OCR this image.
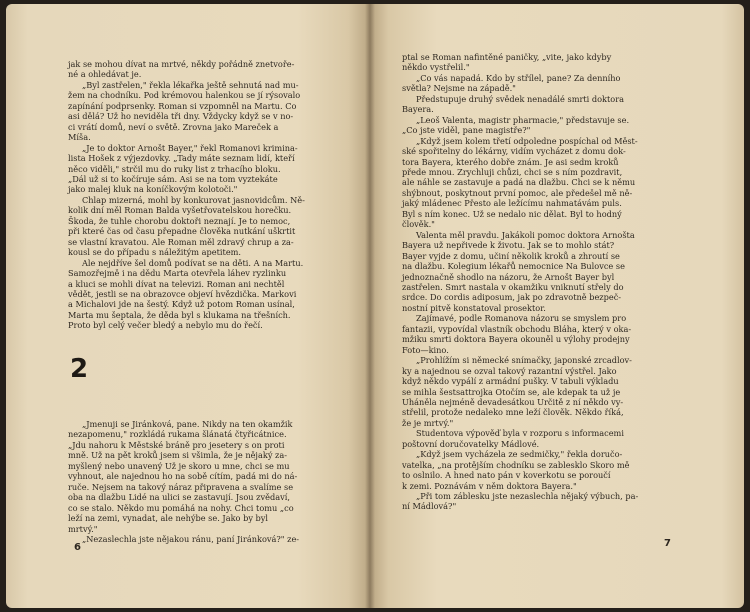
jak se mohou dívat na mrtvé, někdy pořádně znetvoře-
né a ohledávat je.

„Byl zastřelen," řekla lékařka ještě sehnutá nad mu-
žem na chodníku. Pod krémovou halenkou se jí rýsovalo
zapínání podprsenky. Roman si vzpomněl na Martu. Co
asi dělá? Už ho neviděla tři dny. Vždycky když se v no-
ci vrátí domů, neví o světě. Zrovna jako Mareček a
Míša.

„Je to doktor Arnošt Bayer," řekl Romanovi krimina-
lista Hošek z výjezdovky. „Tady máte seznam lidí, kteří
něco viděli," strčil mu do ruky list z trhacího bloku.
„Dál už si to kočíruje sám. Asi se na tom vyztekáte
jako malej kluk na koníčkovým kolotoči."

Chlap mizerná, mohl by konkurovat jasnovidcům. Ně-
kolik dní měl Roman Balda vyšetřovatelskou horečku.
Škoda, že tuhle chorobu doktoři neznají. Je to nemoc,
při které čas od času přepadne člověka nutkání uškrtit
se vlastní kravatou. Ale Roman měl zdravý chrup a za-
kousl se do případu s náležitým apetitem.

Ale nejdříve šel domů podívat se na děti. A na Martu.
Samozřejmě i na dědu Marta otevřela láhev ryzlinku
a kluci se mohli dívat na televizi. Roman ani nechtěl
vědět, jestli se na obrazovce objeví hvězdička. Markovi
a Michalovi jde na šestý. Když už potom Roman usínal,
Marta mu šeptala, že děda byl s klukama na třešních.
Proto byl celý večer bledý a nebylo mu do řečí.

2

„Jmenuji se Jiránková, pane. Nikdy na ten okamžik
nezapomenu," rozkládá rukama šlánatá čtyřicátnice.
„Jdu nahoru k Městské bráně pro jesetery s on proti
mně. Už na pět kroků jsem si všimla, že je nějaký za-
myšlený nebo unavený Už je skoro u mne, chci se mu
vyhnout, ale najednou ho na sobě cítím, padá mi do ná-
ruče. Nejsem na takový náraz připravena a svalíme se
oba na dlažbu Lidé na ulici se zastavují. Jsou zvědaví,
co se stalo. Někdo mu pomáhá na nohy. Chci tomu „co
leží na zemi, vynadat, ale nehýbe se. Jako by byl
mrtvý."

„Nezaslechla jste nějakou ránu, paní Jiránková?" ze-

6

ptal se Roman nafintěné paničky, „vite, jako kdyby
někdo vystřelil."

„Co vás napadá. Kdo by střílel, pane? Za denního
světla? Nejsme na západě."

Předstupuje druhý svědek nenadálé smrti doktora
Bayera.

„Leoš Valenta, magistr pharmacie," představuje se.
„Co jste viděl, pane magistře?"

„Když jsem kolem třetí odpoledne pospíchal od Měst-
ské spořitelny do lékárny, vidím vycházet z domu dok-
tora Bayera, kterého dobře znám. Je asi sedm kroků
přede mnou. Zrychluji chůzi, chci se s ním pozdravit,
ale náhle se zastavuje a padá na dlažbu. Chci se k němu
shýbnout, poskytnout první pomoc, ale předešel mě ně-
jaký mládenec Přesto ale ležícímu nahmatávám puls.
Byl s ním konec. Už se nedalo nic dělat. Byl to hodný
člověk."

Valenta měl pravdu. Jakákoli pomoc doktora Arnošta
Bayera už nepřivede k životu. Jak se to mohlo stát?
Bayer vyjde z domu, učiní několik kroků a zhroutí se
na dlažbu. Kolegium lékařů nemocnice Na Bulovce se
jednoznačně shodlo na názoru, že Arnošt Bayer byl
zastřelen. Smrt nastala v okamžiku vniknutí střely do
srdce. Do cordis adiposum, jak po zdravotně bezpeč-
nostní pitvě konstatoval prosektor.

Zajímavé, podle Romanova názoru se smyslem pro
fantazii, vypovídal vlastník obchodu Bláha, který v oka-
mžiku smrti doktora Bayera okouněl u výlohy prodejny
Foto—kino.

„Prohlížím si německé snímačky, japonské zrcadlov-
ky a najednou se ozval takový razantní výstřel. Jako
když někdo vypálí z armádní pušky. V tabuli výkladu
se mihla šestsattrojka Otočím se, ale kdepak ta už je
Uháněla nejméně devadesátkou Určitě z ní někdo vy-
střelil, protože nedaleko mne leží člověk. Někdo říká,
že je mrtvý."

Studentova výpověď byla v rozporu s informacemi
poštovní doručovatelky Mádlové.

„Když jsem vycházela ze sedmičky," řekla doručo-
vatelka, „na protějším chodníku se zablesklo Skoro mě
to oslnilo. A hned nato pán v koverkotu se poroučí
k zemi. Poznávám v něm doktora Bayera."

„Při tom záblesku jste nezaslechla nějaký výbuch, pa-
ní Mádlová?"

7
